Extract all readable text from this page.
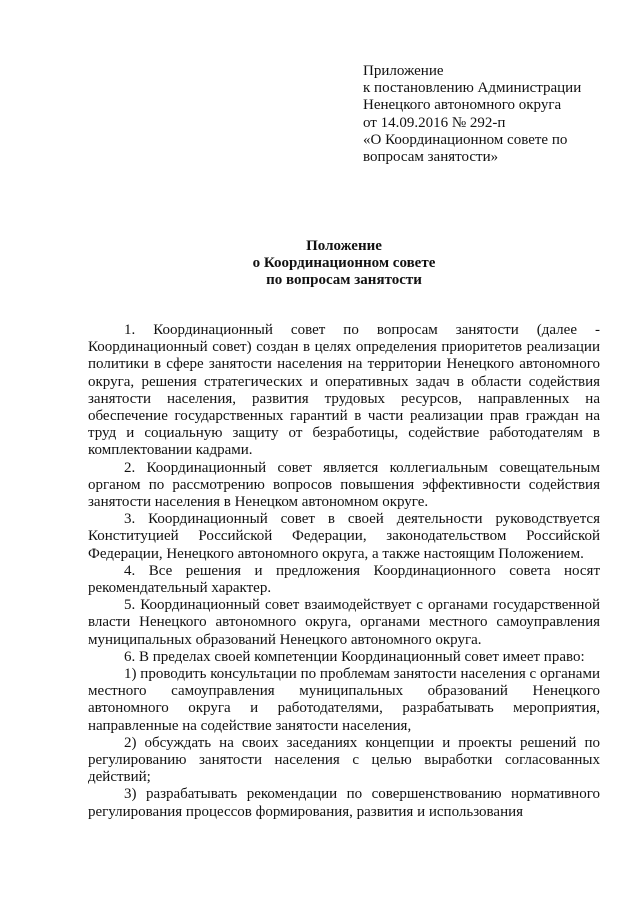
Приложение
к постановлению Администрации
Ненецкого автономного округа
от 14.09.2016 № 292-п
«О Координационном совете по
вопросам занятости»
Положение
о Координационном совете
по вопросам занятости

1. Координационный совет по вопросам занятости (далее - Координационный совет) создан в целях определения приоритетов реализации политики в сфере занятости населения на территории Ненецкого автономного округа, решения стратегических и оперативных задач в области содействия занятости населения, развития трудовых ресурсов, направленных на обеспечение государственных гарантий в части реализации прав граждан на труд и социальную защиту от безработицы, содействие работодателям в комплектовании кадрами.

2. Координационный совет является коллегиальным совещательным органом по рассмотрению вопросов повышения эффективности содействия занятости населения в Ненецком автономном округе.

3. Координационный совет в своей деятельности руководствуется Конституцией Российской Федерации, законодательством Российской Федерации, Ненецкого автономного округа, а также настоящим Положением.

4. Все решения и предложения Координационного совета носят рекомендательный характер.

5. Координационный совет взаимодействует с органами государственной власти Ненецкого автономного округа, органами местного самоуправления муниципальных образований Ненецкого автономного округа.

6. В пределах своей компетенции Координационный совет имеет право:

1) проводить консультации по проблемам занятости населения с органами местного самоуправления муниципальных образований Ненецкого автономного округа и работодателями, разрабатывать мероприятия, направленные на содействие занятости населения,

2) обсуждать на своих заседаниях концепции и проекты решений по регулированию занятости населения с целью выработки согласованных действий;

3) разрабатывать рекомендации по совершенствованию нормативного регулирования процессов формирования, развития и использования
